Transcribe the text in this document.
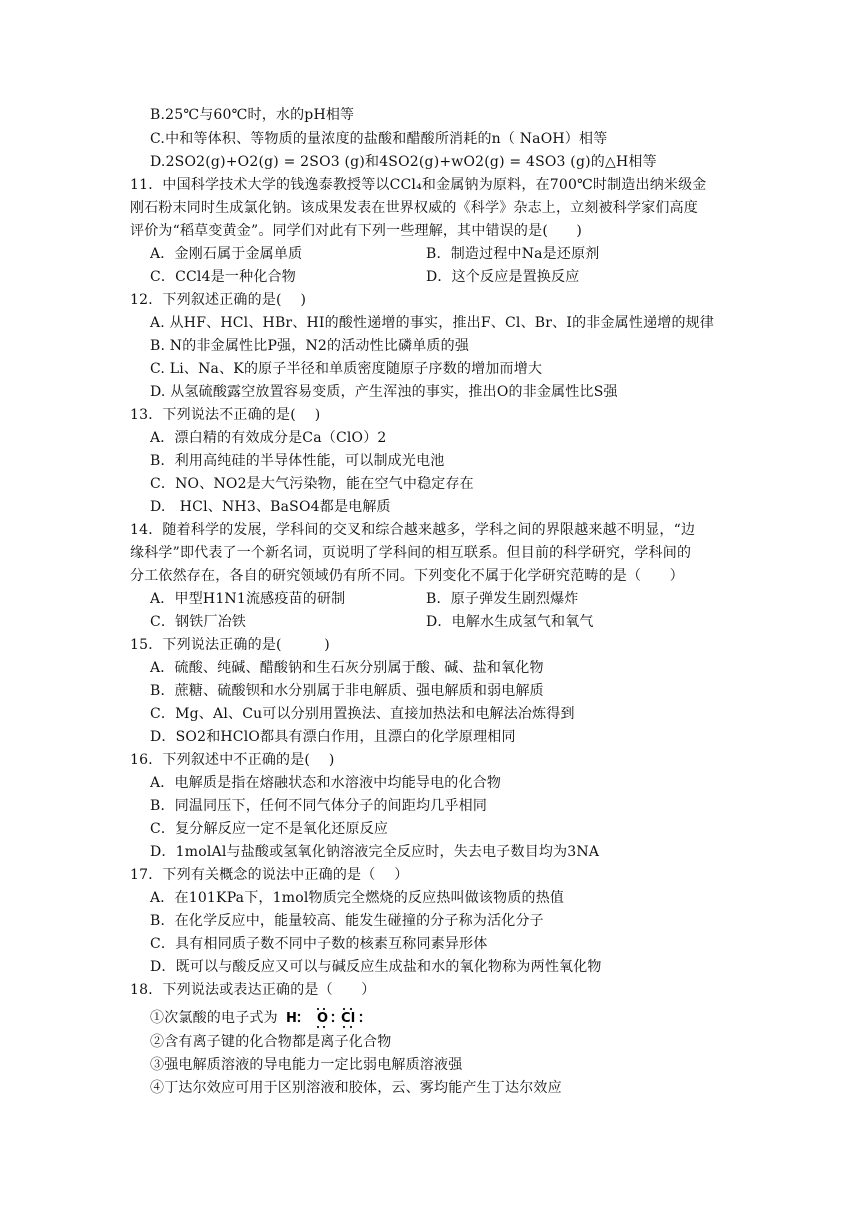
B.25℃与60℃时，水的pH相等
C.中和等体积、等物质的量浓度的盐酸和醋酸所消耗的n（ NaOH）相等
D.2SO2(g)+O2(g) = 2SO3 (g)和4SO2(g)+wO2(g) = 4SO3 (g)的△H相等
11．中国科学技术大学的钱逸泰教授等以CCl₄和金属钠为原料，在700℃时制造出纳米级金
刚石粉末同时生成氯化钠。该成果发表在世界权威的《科学》杂志上，立刻被科学家们高度
评价为“稻草变黄金”。同学们对此有下列一些理解，其中错误的是(　　)
A．金刚石属于金属单质	B．制造过程中Na是还原剂
C．CCl4是一种化合物	D．这个反应是置换反应
12．下列叙述正确的是(　 )
A. 从HF、HCl、HBr、HI的酸性递增的事实，推出F、Cl、Br、I的非金属性递增的规律
B. N的非金属性比P强，N2的活动性比磷单质的强
C. Li、Na、K的原子半径和单质密度随原子序数的增加而增大
D. 从氢硫酸露空放置容易变质，产生浑浊的事实，推出O的非金属性比S强
13．下列说法不正确的是(　 )
A．漂白精的有效成分是Ca（ClO）2
B．利用高纯硅的半导体性能，可以制成光电池
C．NO、NO2是大气污染物，能在空气中稳定存在
D.　HCl、NH3、BaSO4都是电解质
14．随着科学的发展，学科间的交叉和综合越来越多，学科之间的界限越来越不明显，“边
缘科学”即代表了一个新名词，页说明了学科间的相互联系。但目前的科学研究，学科间的
分工依然存在，各自的研究领域仍有所不同。下列变化不属于化学研究范畴的是（　　）
A．甲型H1N1流感疫苗的研制	B．原子弹发生剧烈爆炸
C．钢铁厂冶铁	D．电解水生成氢气和氧气
15．下列说法正确的是(　　　)
A．硫酸、纯碱、醋酸钠和生石灰分别属于酸、碱、盐和氧化物
B．蔗糖、硫酸钡和水分别属于非电解质、强电解质和弱电解质
C．Mg、Al、Cu可以分别用置换法、直接加热法和电解法冶炼得到
D．SO2和HClO都具有漂白作用，且漂白的化学原理相同
16．下列叙述中不正确的是(　 )
A．电解质是指在熔融状态和水溶液中均能导电的化合物
B．同温同压下，任何不同气体分子的间距均几乎相同
C．复分解反应一定不是氧化还原反应
D．1molAl与盐酸或氢氧化钠溶液完全反应时，失去电子数目均为3NA
17．下列有关概念的说法中正确的是（　 ）
A．在101KPa下，1mol物质完全燃烧的反应热叫做该物质的热值
B．在化学反应中，能量较高、能发生碰撞的分子称为活化分子
C．具有相同质子数不同中子数的核素互称同素异形体
D．既可以与酸反应又可以与碱反应生成盐和水的氧化物称为两性氧化物
18．下列说法或表达正确的是（　　）
①次氯酸的电子式为 H O Cl
②含有离子键的化合物都是离子化合物
③强电解质溶液的导电能力一定比弱电解质溶液强
④丁达尔效应可用于区别溶液和胶体，云、雾均能产生丁达尔效应
